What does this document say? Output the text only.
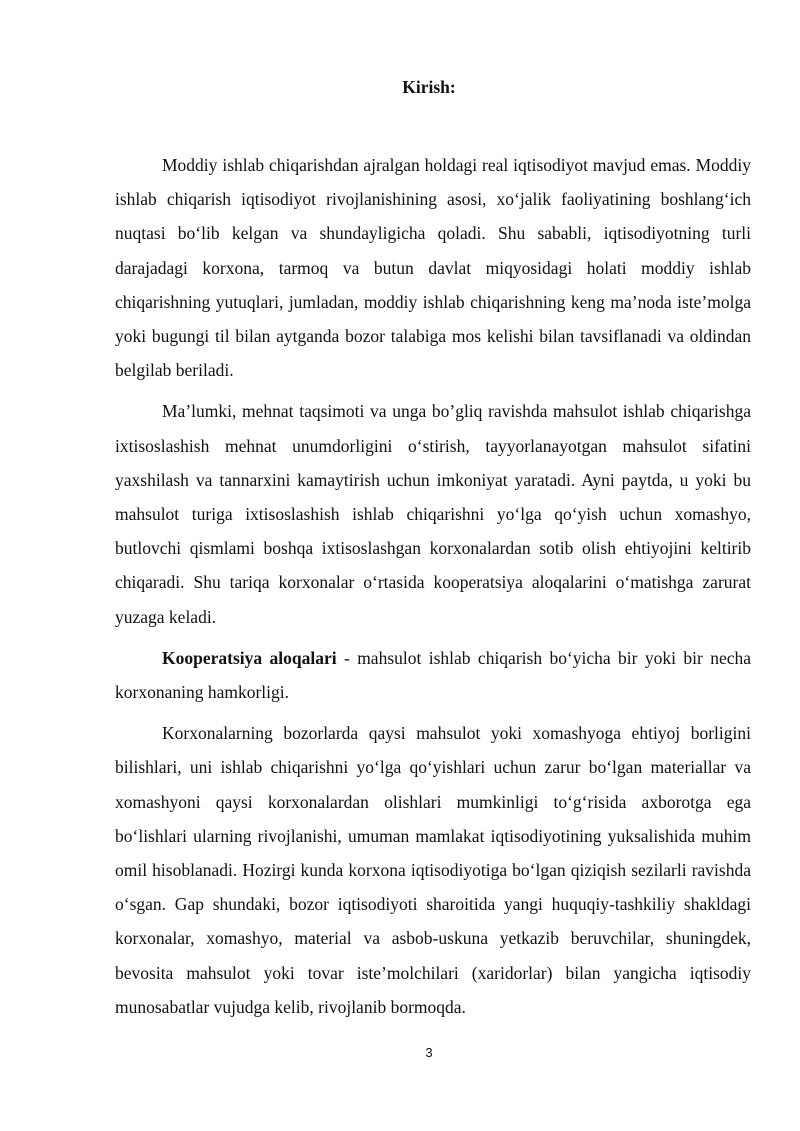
Kirish:

Moddiy ishlab chiqarishdan ajralgan holdagi real iqtisodiyot mavjud emas. Moddiy ishlab chiqarish iqtisodiyot rivojlanishining asosi, xo‘jalik faoliyatining boshlang‘ich nuqtasi bo‘lib kelgan va shundayligicha qoladi. Shu sababli, iqtisodiyotning turli darajadagi korxona, tarmoq va butun davlat miqyosidagi holati moddiy ishlab chiqarishning yutuqlari, jumladan, moddiy ishlab chiqarishning keng ma’noda iste’molga yoki bugungi til bilan aytganda bozor talabiga mos kelishi bilan tavsiflanadi va oldindan belgilab beriladi.

Ma’lumki, mehnat taqsimoti va unga bo’gliq ravishda mahsulot ishlab chiqarishga ixtisoslashish mehnat unumdorligini o‘stirish, tayyorlanayotgan mahsulot sifatini yaxshilash va tannarxini kamaytirish uchun imkoniyat yaratadi. Ayni paytda, u yoki bu mahsulot turiga ixtisoslashish ishlab chiqarishni yo‘lga qo‘yish uchun xomashyo, butlovchi qismlami boshqa ixtisoslashgan korxonalardan sotib olish ehtiyojini keltirib chiqaradi. Shu tariqa korxonalar o‘rtasida kooperatsiya aloqalarini o‘matishga zarurat yuzaga keladi.

Kooperatsiya aloqalari - mahsulot ishlab chiqarish bo‘yicha bir yoki bir necha korxonaning hamkorligi.

Korxonalarning bozorlarda qaysi mahsulot yoki xomashyoga ehtiyoj borligini bilishlari, uni ishlab chiqarishni yo‘lga qo‘yishlari uchun zarur bo‘lgan materiallar va xomashyoni qaysi korxonalardan olishlari mumkinligi to‘g‘risida axborotga ega bo‘lishlari ularning rivojlanishi, umuman mamlakat iqtisodiyotining yuksalishida muhim omil hisoblanadi. Hozirgi kunda korxona iqtisodiyotiga bo‘lgan qiziqish sezilarli ravishda o‘sgan. Gap shundaki, bozor iqtisodiyoti sharoitida yangi huquqiy-tashkiliy shakldagi korxonalar, xomashyo, material va asbob-uskuna yetkazib beruvchilar, shuningdek, bevosita mahsulot yoki tovar iste’molchilari (xaridorlar) bilan yangicha iqtisodiy munosabatlar vujudga kelib, rivojlanib bormoqda.

3
